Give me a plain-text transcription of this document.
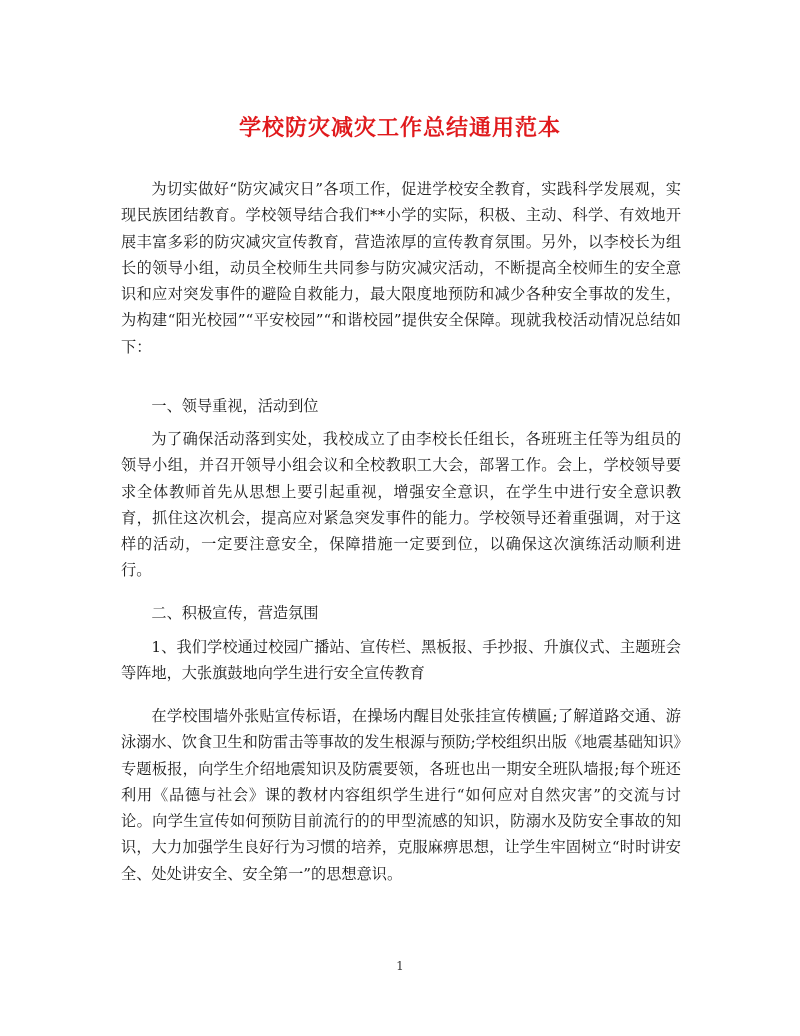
学校防灾减灾工作总结通用范本

为切实做好“防灾减灾日”各项工作，促进学校安全教育，实践科学发展观，实现民族团结教育。学校领导结合我们**小学的实际，积极、主动、科学、有效地开展丰富多彩的防灾减灾宣传教育，营造浓厚的宣传教育氛围。另外，以李校长为组长的领导小组，动员全校师生共同参与防灾减灾活动，不断提高全校师生的安全意识和应对突发事件的避险自救能力，最大限度地预防和减少各种安全事故的发生，为构建“阳光校园”“平安校园”“和谐校园”提供安全保障。现就我校活动情况总结如下：

一、领导重视，活动到位

为了确保活动落到实处，我校成立了由李校长任组长，各班班主任等为组员的领导小组，并召开领导小组会议和全校教职工大会，部署工作。会上，学校领导要求全体教师首先从思想上要引起重视，增强安全意识，在学生中进行安全意识教育，抓住这次机会，提高应对紧急突发事件的能力。学校领导还着重强调，对于这样的活动，一定要注意安全，保障措施一定要到位，以确保这次演练活动顺利进行。

二、积极宣传，营造氛围

1、我们学校通过校园广播站、宣传栏、黑板报、手抄报、升旗仪式、主题班会等阵地，大张旗鼓地向学生进行安全宣传教育

在学校围墙外张贴宣传标语，在操场内醒目处张挂宣传横匾;了解道路交通、游泳溺水、饮食卫生和防雷击等事故的发生根源与预防;学校组织出版《地震基础知识》专题板报，向学生介绍地震知识及防震要领，各班也出一期安全班队墙报;每个班还利用《品德与社会》课的教材内容组织学生进行“如何应对自然灾害”的交流与讨论。向学生宣传如何预防目前流行的的甲型流感的知识，防溺水及防安全事故的知识，大力加强学生良好行为习惯的培养，克服麻痹思想，让学生牢固树立“时时讲安全、处处讲安全、安全第一”的思想意识。

1
